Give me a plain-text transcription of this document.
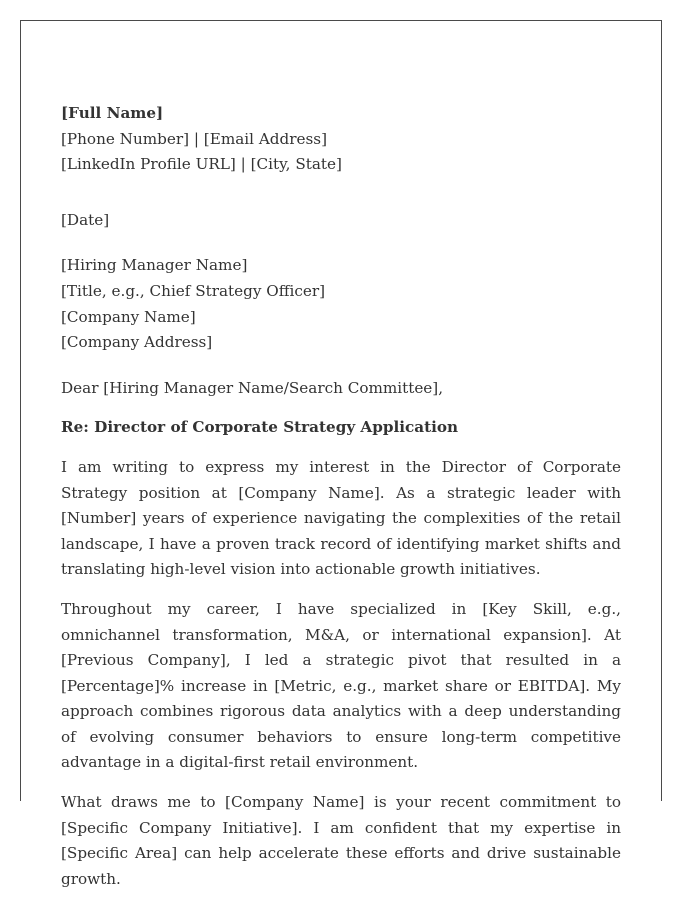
[Full Name]
[Phone Number] | [Email Address]
[LinkedIn Profile URL] | [City, State]
[Date]
[Hiring Manager Name]
[Title, e.g., Chief Strategy Officer]
[Company Name]
[Company Address]
Dear [Hiring Manager Name/Search Committee],
Re: Director of Corporate Strategy Application

I am writing to express my interest in the Director of Corporate Strategy position at [Company Name]. As a strategic leader with [Number] years of experience navigating the complexities of the retail landscape, I have a proven track record of identifying market shifts and translating high-level vision into actionable growth initiatives.

Throughout my career, I have specialized in [Key Skill, e.g., omnichannel transformation, M&A, or international expansion]. At [Previous Company], I led a strategic pivot that resulted in a [Percentage]% increase in [Metric, e.g., market share or EBITDA]. My approach combines rigorous data analytics with a deep understanding of evolving consumer behaviors to ensure long-term competitive advantage in a digital-first retail environment.

What draws me to [Company Name] is your recent commitment to [Specific Company Initiative]. I am confident that my expertise in [Specific Area] can help accelerate these efforts and drive sustainable growth.
